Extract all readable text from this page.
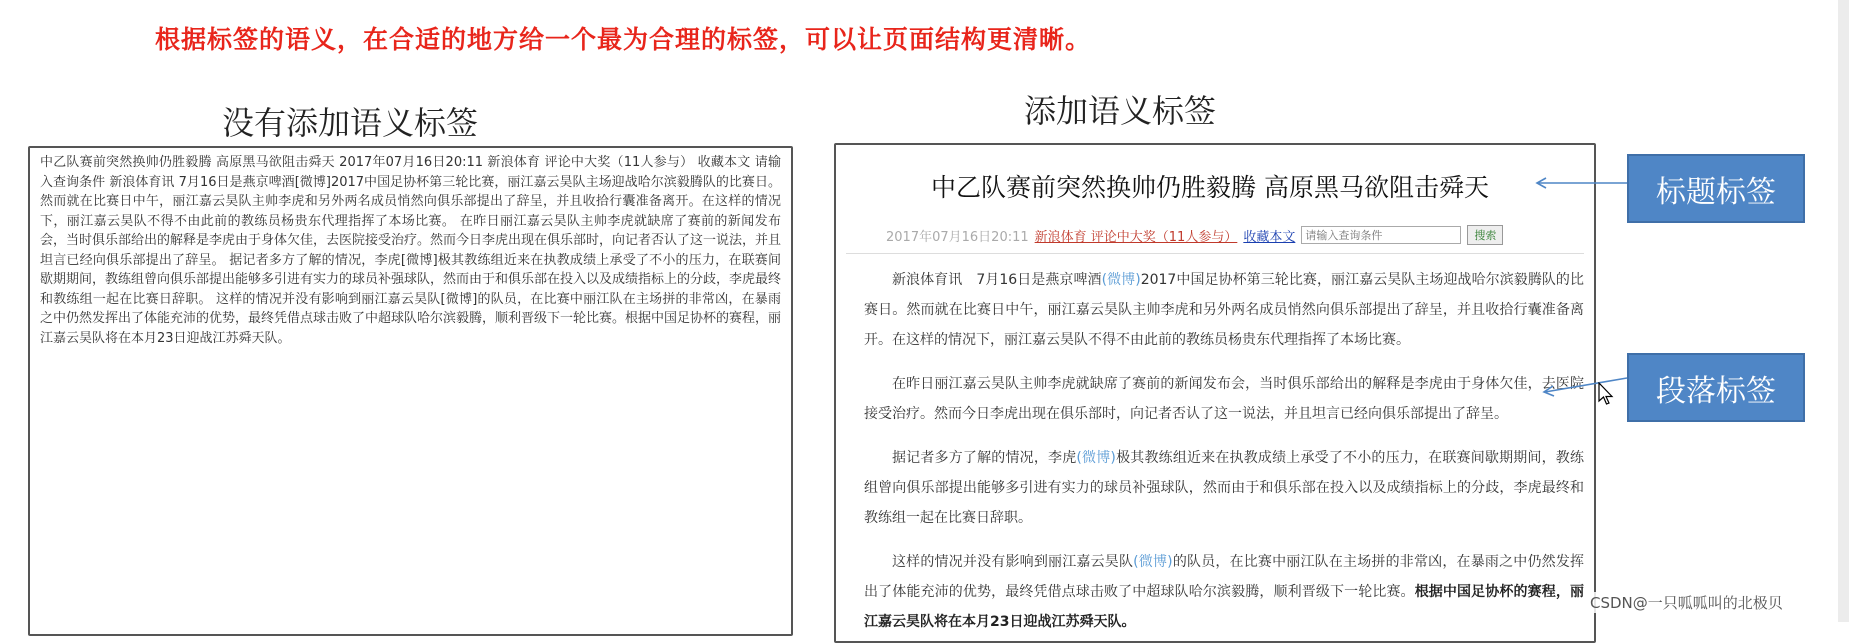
根据标签的语义，在合适的地方给一个最为合理的标签，可以让页面结构更清晰。
没有添加语义标签	添加语义标签
中乙队赛前突然换帅仍胜毅腾 高原黑马欲阻击舜天 2017年07月16日20:11 新浪体育 评论中大奖（11人参与） 收藏本文 请输入查询条件 新浪体育讯 7月16日是燕京啤酒[微博]2017中国足协杯第三轮比赛，丽江嘉云昊队主场迎战哈尔滨毅腾队的比赛日。然而就在比赛日中午，丽江嘉云昊队主帅李虎和另外两名成员悄然向俱乐部提出了辞呈，并且收拾行囊准备离开。在这样的情况下，丽江嘉云昊队不得不由此前的教练员杨贵东代理指挥了本场比赛。 在昨日丽江嘉云昊队主帅李虎就缺席了赛前的新闻发布会，当时俱乐部给出的解释是李虎由于身体欠佳，去医院接受治疗。然而今日李虎出现在俱乐部时，向记者否认了这一说法，并且坦言已经向俱乐部提出了辞呈。 据记者多方了解的情况，李虎[微博]极其教练组近来在执教成绩上承受了不小的压力，在联赛间歇期期间，教练组曾向俱乐部提出能够多引进有实力的球员补强球队，然而由于和俱乐部在投入以及成绩指标上的分歧，李虎最终和教练组一起在比赛日辞职。 这样的情况并没有影响到丽江嘉云昊队[微博]的队员，在比赛中丽江队在主场拼的非常凶，在暴雨之中仍然发挥出了体能充沛的优势，最终凭借点球击败了中超球队哈尔滨毅腾，顺利晋级下一轮比赛。根据中国足协杯的赛程，丽江嘉云昊队将在本月23日迎战江苏舜天队。
中乙队赛前突然换帅仍胜毅腾 高原黑马欲阻击舜天
2017年07月16日20:11 新浪体育 评论中大奖（11人参与） 收藏本文
请输入查询条件	搜索

新浪体育讯　7月16日是燕京啤酒(微博)2017中国足协杯第三轮比赛，丽江嘉云昊队主场迎战哈尔滨毅腾队的比赛日。然而就在比赛日中午，丽江嘉云昊队主帅李虎和另外两名成员悄然向俱乐部提出了辞呈，并且收拾行囊准备离开。在这样的情况下，丽江嘉云昊队不得不由此前的教练员杨贵东代理指挥了本场比赛。

在昨日丽江嘉云昊队主帅李虎就缺席了赛前的新闻发布会，当时俱乐部给出的解释是李虎由于身体欠佳，去医院接受治疗。然而今日李虎出现在俱乐部时，向记者否认了这一说法，并且坦言已经向俱乐部提出了辞呈。

据记者多方了解的情况，李虎(微博)极其教练组近来在执教成绩上承受了不小的压力，在联赛间歇期期间，教练组曾向俱乐部提出能够多引进有实力的球员补强球队，然而由于和俱乐部在投入以及成绩指标上的分歧，李虎最终和教练组一起在比赛日辞职。

这样的情况并没有影响到丽江嘉云昊队(微博)的队员，在比赛中丽江队在主场拼的非常凶，在暴雨之中仍然发挥出了体能充沛的优势，最终凭借点球击败了中超球队哈尔滨毅腾，顺利晋级下一轮比赛。根据中国足协杯的赛程，丽江嘉云昊队将在本月23日迎战江苏舜天队。

标题标签
段落标签
CSDN@一只呱呱叫的北极贝
